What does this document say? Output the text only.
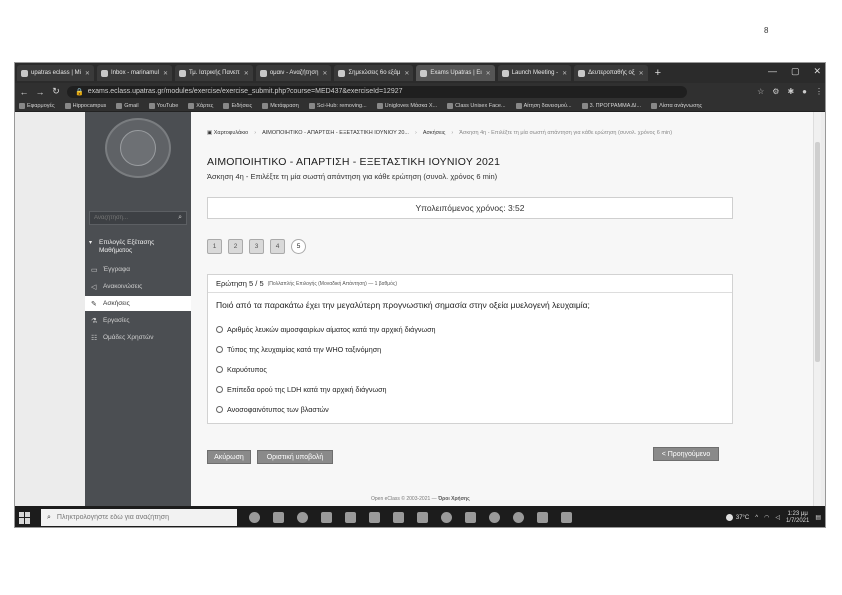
8
upatras eclass | Mi ✕	Inbox - marinamul ✕	Τμ. Ιατρικής Πανεπ ✕	ομαιν - Αναζήτηση ✕	Σημειώσεις 6ο εξάμ ✕	Exams Upatras | Ει ✕	Launch Meeting - ✕	Δευτεροπαθής οξ ✕ +	— ▢ ✕
← → ↻ 🔒 exams.eclass.upatras.gr/modules/exercise/exercise_submit.php?course=MED437&exerciseId=12927	☆ ⚙ ✱ ● ⋮
Εφαρμογές	Hippocampus	Gmail	YouTube	Χάρτες	Ειδήσεις	Μετάφραση	Sci-Hub: removing...	Unigloves Μάσκα Χ...	Class Unisex Face...	Αίτηση δανεισμού...	3. ΠΡΟΓΡΑΜΜΑ ΔΙ...	Λίστα ανάγνωσης
Αναζήτηση...
⌕
▾ Επιλογές Εξέτασης Μαθήματος
▭ Έγγραφα
◁	Ανακοινώσεις
✎ Ασκήσεις
⚗ Εργασίες
☷ Ομάδες Χρηστών
▣ Χαρτοφυλάκιο › ΑΙΜΟΠΟΙΗΤΙΚΟ - ΑΠΑΡΤΙΣΗ - ΕΞΕΤΑΣΤΙΚΗ ΙΟΥΝΙΟΥ 20... › Ασκήσεις › Άσκηση 4η - Επιλέξτε τη μία σωστή απάντηση για κάθε ερώτηση (συνολ. χρόνος 6 min)
ΑΙΜΟΠΟΙΗΤΙΚΟ - ΑΠΑΡΤΙΣΗ - ΕΞΕΤΑΣΤΙΚΗ ΙΟΥΝΙΟΥ 2021
Άσκηση 4η - Επιλέξτε τη μία σωστή απάντηση για κάθε ερώτηση (συνολ. χρόνος 6 min)
Υπολειπόμενος χρόνος: 3:52
1	2	3	4	5
Ερώτηση 5 / 5 (Πολλαπλής Επιλογής (Μοναδική Απάντηση) — 1 βαθμός)
Ποιό από τα παρακάτω έχει την μεγαλύτερη προγνωστική σημασία στην οξεία μυελογενή λευχαιμία;
Αριθμός λευκών αιμοσφαιρίων αίματος κατά την αρχική διάγνωση
Τύπος της λευχαιμίας κατά την WHO ταξινόμηση
Καρυότυπος
Επίπεδα ορού της LDH κατά την αρχική διάγνωση
Ανοσοφαινότυπος των βλαστών
Ακύρωση	Οριστική υποβολή	< Προηγούμενο
Open eClass © 2003-2021 — Όροι Χρήσης
⌕
Πληκτρολογήστε εδώ για αναζήτηση	37°C ^ ◠ ◁
1:23 μμ
1/7/2021 ▤
